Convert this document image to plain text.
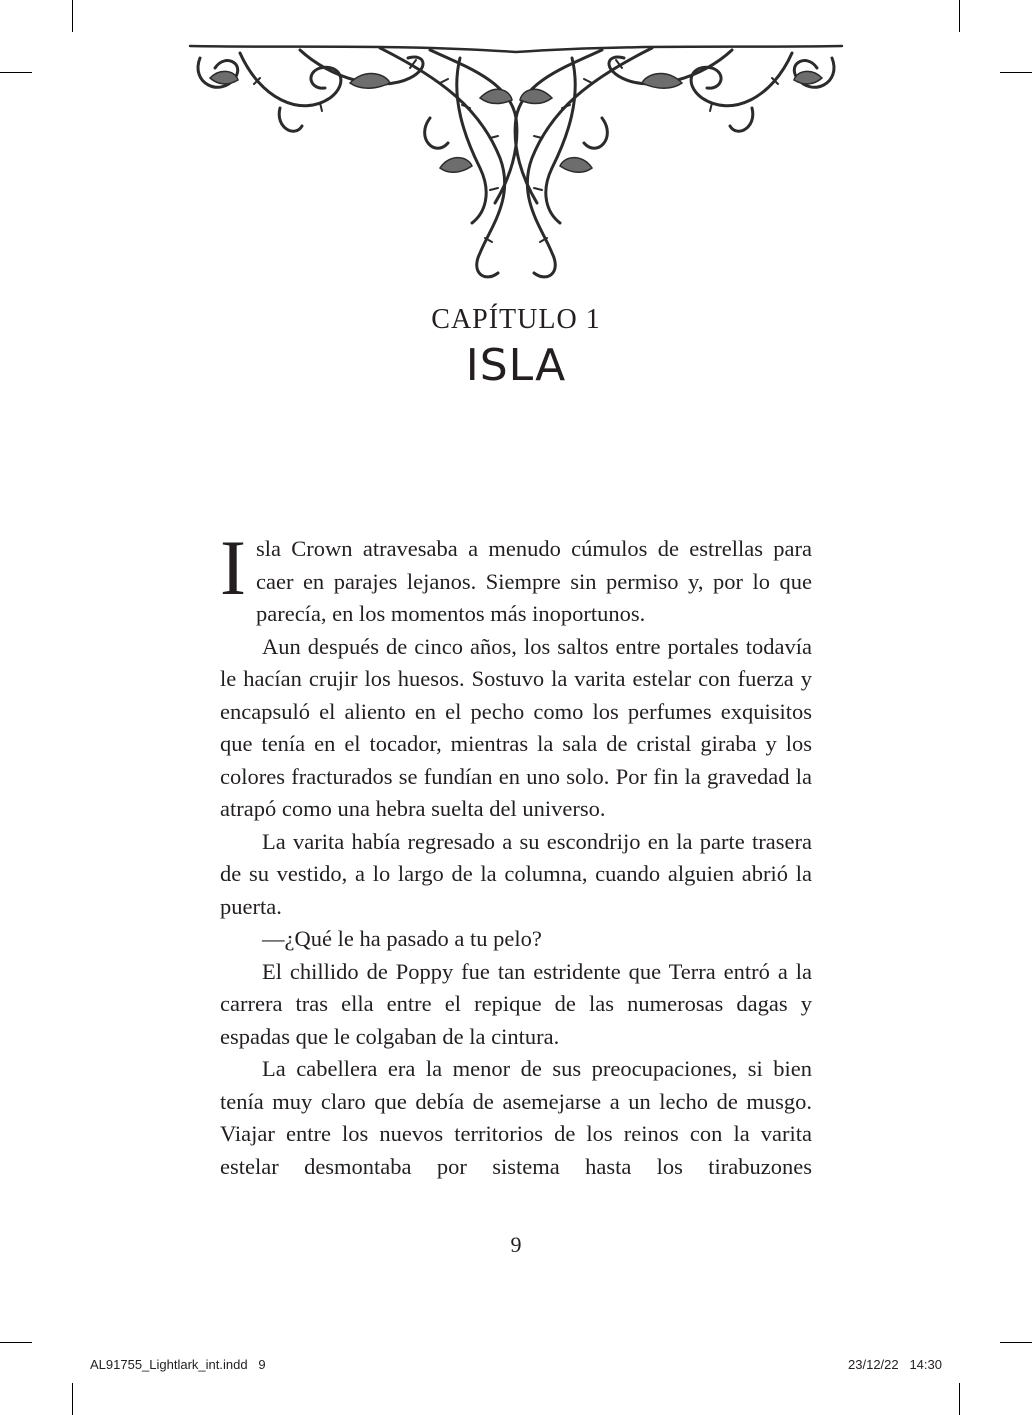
CAPÍTULO 1
ISLA

Isla Crown atravesaba a menudo cúmulos de estrellas para caer en parajes lejanos. Siempre sin permiso y, por lo que parecía, en los momentos más inoportunos.

Aun después de cinco años, los saltos entre portales todavía le hacían crujir los huesos. Sostuvo la varita estelar con fuerza y encapsuló el aliento en el pecho como los perfumes exquisitos que tenía en el tocador, mientras la sala de cristal giraba y los colores fracturados se fundían en uno solo. Por fin la gravedad la atrapó como una hebra suelta del universo.

La varita había regresado a su escondrijo en la parte trasera de su vestido, a lo largo de la columna, cuando alguien abrió la puerta.

—¿Qué le ha pasado a tu pelo?

El chillido de Poppy fue tan estridente que Terra entró a la carrera tras ella entre el repique de las numerosas dagas y espadas que le colgaban de la cintura.

La cabellera era la menor de sus preocupaciones, si bien tenía muy claro que debía de asemejarse a un lecho de musgo. Viajar entre los nuevos territorios de los reinos con la varita estelar desmontaba por sistema hasta los tirabuzones

9
AL91755_Lightlark_int.indd   9	23/12/22   14:30
